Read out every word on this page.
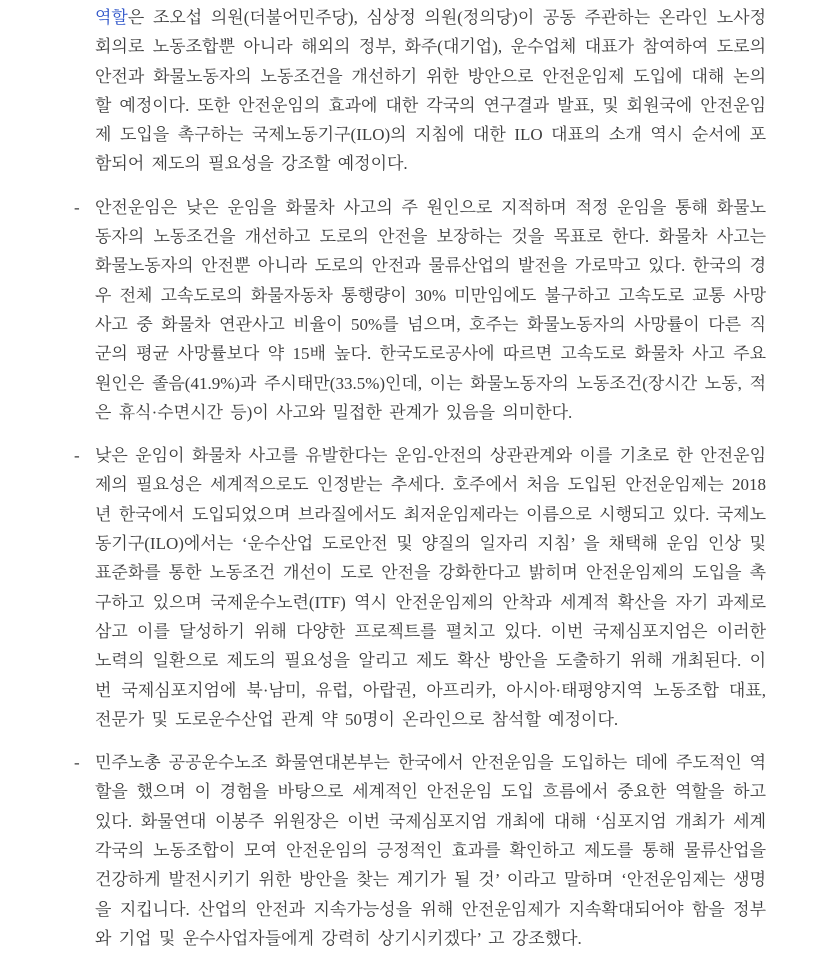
역할은 조오섭 의원(더불어민주당), 심상정 의원(정의당)이 공동 주관하는 온라인 노사정 회의로 노동조합뿐 아니라 해외의 정부, 화주(대기업), 운수업체 대표가 참여하여 도로의 안전과 화물노동자의 노동조건을 개선하기 위한 방안으로 안전운임제 도입에 대해 논의할 예정이다. 또한 안전운임의 효과에 대한 각국의 연구결과 발표, 및 회원국에 안전운임제 도입을 촉구하는 국제노동기구(ILO)의 지침에 대한 ILO 대표의 소개 역시 순서에 포함되어 제도의 필요성을 강조할 예정이다.

- 안전운임은 낮은 운임을 화물차 사고의 주 원인으로 지적하며 적정 운임을 통해 화물노동자의 노동조건을 개선하고 도로의 안전을 보장하는 것을 목표로 한다. 화물차 사고는 화물노동자의 안전뿐 아니라 도로의 안전과 물류산업의 발전을 가로막고 있다. 한국의 경우 전체 고속도로의 화물자동차 통행량이 30% 미만임에도 불구하고 고속도로 교통 사망사고 중 화물차 연관사고 비율이 50%를 넘으며, 호주는 화물노동자의 사망률이 다른 직군의 평균 사망률보다 약 15배 높다. 한국도로공사에 따르면 고속도로 화물차 사고 주요 원인은 졸음(41.9%)과 주시태만(33.5%)인데, 이는 화물노동자의 노동조건(장시간 노동, 적은 휴식·수면시간 등)이 사고와 밀접한 관계가 있음을 의미한다.

- 낮은 운임이 화물차 사고를 유발한다는 운임-안전의 상관관계와 이를 기초로 한 안전운임제의 필요성은 세계적으로도 인정받는 추세다. 호주에서 처음 도입된 안전운임제는 2018년 한국에서 도입되었으며 브라질에서도 최저운임제라는 이름으로 시행되고 있다. 국제노동기구(ILO)에서는 ‘운수산업 도로안전 및 양질의 일자리 지침’ 을 채택해 운임 인상 및 표준화를 통한 노동조건 개선이 도로 안전을 강화한다고 밝히며 안전운임제의 도입을 촉구하고 있으며 국제운수노련(ITF) 역시 안전운임제의 안착과 세계적 확산을 자기 과제로 삼고 이를 달성하기 위해 다양한 프로젝트를 펼치고 있다. 이번 국제심포지엄은 이러한 노력의 일환으로 제도의 필요성을 알리고 제도 확산 방안을 도출하기 위해 개최된다. 이번 국제심포지엄에 북·남미, 유럽, 아랍권, 아프리카, 아시아·태평양지역 노동조합 대표, 전문가 및 도로운수산업 관계 약 50명이 온라인으로 참석할 예정이다.

- 민주노총 공공운수노조 화물연대본부는 한국에서 안전운임을 도입하는 데에 주도적인 역할을 했으며 이 경험을 바탕으로 세계적인 안전운임 도입 흐름에서 중요한 역할을 하고 있다. 화물연대 이봉주 위원장은 이번 국제심포지엄 개최에 대해 ‘심포지엄 개최가 세계 각국의 노동조합이 모여 안전운임의 긍정적인 효과를 확인하고 제도를 통해 물류산업을 건강하게 발전시키기 위한 방안을 찾는 계기가 될 것’ 이라고 말하며 ‘안전운임제는 생명을 지킵니다. 산업의 안전과 지속가능성을 위해 안전운임제가 지속확대되어야 함을 정부와 기업 및 운수사업자들에게 강력히 상기시키겠다’ 고 강조했다.
